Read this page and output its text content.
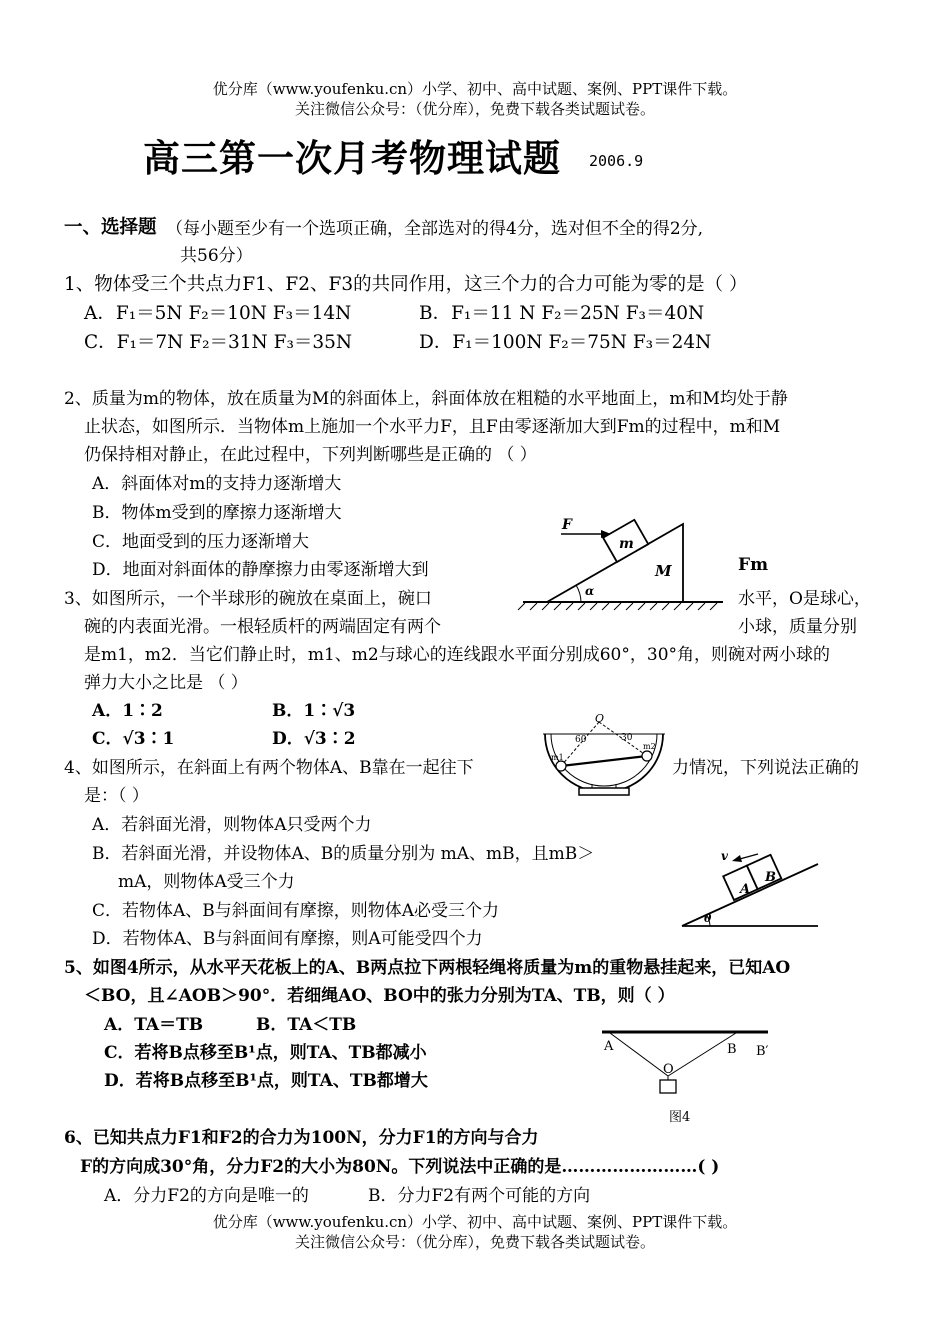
优分库（www.youfenku.cn）小学、初中、高中试题、案例、PPT课件下载。
关注微信公众号：（优分库），免费下载各类试题试卷。
高三第一次月考物理试题 2006.9
一、选择题 （每小题至少有一个选项正确，全部选对的得4分，选对但不全的得2分,
共56分）
1、物体受三个共点力F1、F2、F3的共同作用，这三个力的合力可能为零的是（ ）
A．F₁＝5N F₂＝10N F₃＝14N	B．F₁＝11 N F₂＝25N F₃＝40N
C．F₁＝7N F₂＝31N F₃＝35N	D．F₁＝100N F₂＝75N F₃＝24N
2、质量为m的物体，放在质量为M的斜面体上，斜面体放在粗糙的水平地面上，m和M均处于静
止状态，如图所示．当物体m上施加一个水平力F，且F由零逐渐加大到Fm的过程中，m和M
仍保持相对静止，在此过程中，下列判断哪些是正确的 （ ）
A．斜面体对m的支持力逐渐增大
B．物体m受到的摩擦力逐渐增大
C．地面受到的压力逐渐增大
D．地面对斜面体的静摩擦力由零逐渐增大到	Fm
F
m
M
α
3、如图所示，一个半球形的碗放在桌面上，碗口	水平，O是球心，
碗的内表面光滑。一根轻质杆的两端固定有两个	小球，质量分别
是m1，m2．当它们静止时，m1、m2与球心的连线跟水平面分别成60°，30°角，则碗对两小球的
弹力大小之比是 （ ）
A．1∶2	B．1∶√3
C．√3∶1	D．√3∶2
O
60	30
m1
m2
4、如图所示，在斜面上有两个物体A、B靠在一起往下	力情况，下列说法正确的
是：（ ）
A．若斜面光滑，则物体A只受两个力
B．若斜面光滑，并设物体A、B的质量分别为 mA、mB，且mB＞
mA，则物体A受三个力
C．若物体A、B与斜面间有摩擦，则物体A必受三个力
D．若物体A、B与斜面间有摩擦，则A可能受四个力
v
A
B
θ
5、如图4所示，从水平天花板上的A、B两点拉下两根轻绳将质量为m的重物悬挂起来，已知AO
＜BO，且∠AOB＞90°．若细绳AO、BO中的张力分别为TA、TB，则（ ）
A．TA＝TB	B．TA＜TB
C．若将B点移至B¹点，则TA、TB都减小
D．若将B点移至B¹点，则TA、TB都增大
A	B B′
O
图4
6、已知共点力F1和F2的合力为100N，分力F1的方向与合力
F的方向成30°角，分力F2的大小为80N。下列说法中正确的是……………………( )
A．分力F2的方向是唯一的	B．分力F2有两个可能的方向
优分库（www.youfenku.cn）小学、初中、高中试题、案例、PPT课件下载。
关注微信公众号：（优分库），免费下载各类试题试卷。
